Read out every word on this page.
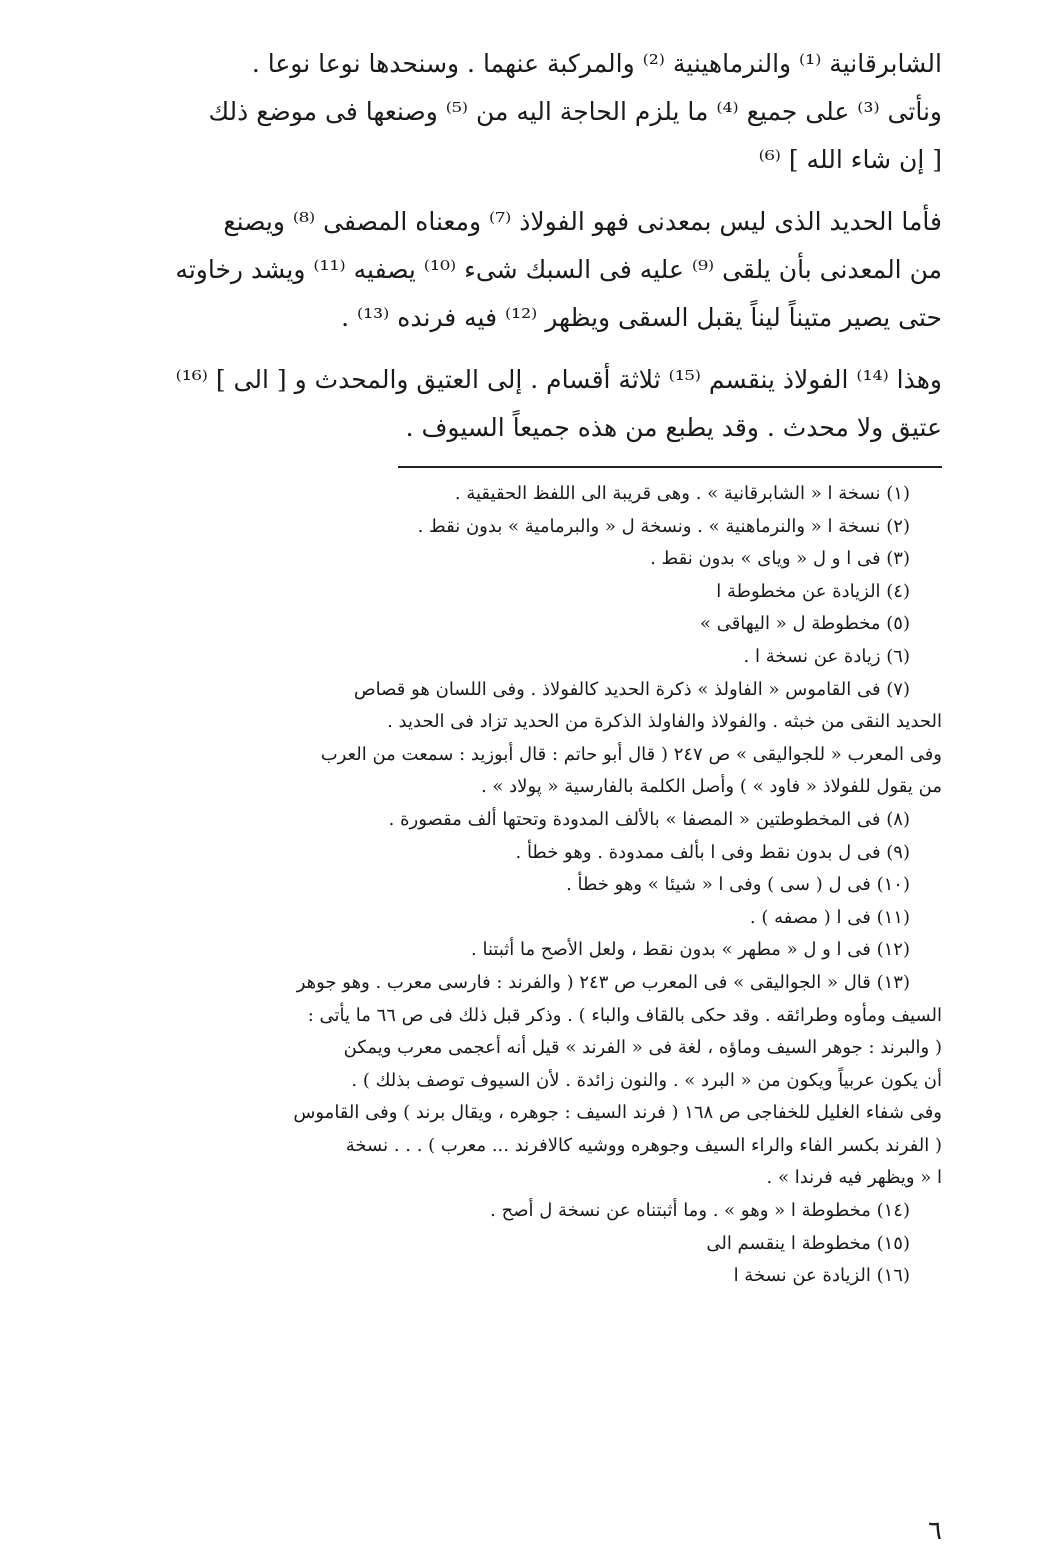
الشابرقانية ⁽¹⁾ والنرماهينية ⁽²⁾ والمركبة عنهما . وسنحدها نوعا نوعا .
ونأتى ⁽³⁾ على جميع ⁽⁴⁾ ما يلزم الحاجة اليه من ⁽⁵⁾ وصنعها فى موضع ذلك
[ إن شاء الله ] ⁽⁶⁾

فأما الحديد الذى ليس بمعدنى فهو الفولاذ ⁽⁷⁾ ومعناه المصفى ⁽⁸⁾ ويصنع
من المعدنى بأن يلقى ⁽⁹⁾ عليه فى السبك شىء ⁽¹⁰⁾ يصفيه ⁽¹¹⁾ ويشد رخاوته
حتى يصير متيناً ليناً يقبل السقى ويظهر ⁽¹²⁾ فيه فرنده ⁽¹³⁾ .

وهذا ⁽¹⁴⁾ الفولاذ ينقسم ⁽¹⁵⁾ ثلاثة أقسام . إلى العتيق والمحدث و [ الى ] ⁽¹⁶⁾
عتيق ولا محدث . وقد يطبع من هذه جميعاً السيوف .

(١) نسخة ا « الشابرقانية » . وهى قريبة الى اللفظ الحقيقية .
(٢) نسخة ا « والنرماهنية » . ونسخة ل « والبرمامية » بدون نقط .
(٣) فى ا و ل « وياى » بدون نقط .
(٤) الزيادة عن مخطوطة ا
(٥) مخطوطة ل « اليهاقى »
(٦) زيادة عن نسخة ا .
(٧) فى القاموس « الفاولذ » ذكرة الحديد كالفولاذ . وفى اللسان هو قصاص
الحديد النقى من خبثه . والفولاذ والفاولذ الذكرة من الحديد تزاد فى الحديد .
وفى المعرب « للجواليقى » ص ٢٤٧ ( قال أبو حاتم : قال أبوزيد : سمعت من العرب
من يقول للفولاذ « فاود » ) وأصل الكلمة بالفارسية « پولاد » .
(٨) فى المخطوطتين « المصفا » بالألف المدودة وتحتها ألف مقصورة .
(٩) فى ل بدون نقط وفى ا بألف ممدودة . وهو خطأ .
(١٠) فى ل ( سى ) وفى ا « شيئا » وهو خطأ .
(١١) فى ا ( مصفه ) .
(١٢) فى ا و ل « مطهر » بدون نقط ، ولعل الأصح ما أثبتنا .
(١٣) قال « الجواليقى » فى المعرب ص ٢٤٣ ( والفرند : فارسى معرب . وهو جوهر
السيف ومأوه وطرائقه . وقد حكى بالقاف والباء ) . وذكر قبل ذلك فى ص ٦٦ ما يأتى :
( والبرند : جوهر السيف وماؤه ، لغة فى « الفرند » قيل أنه أعجمى معرب ويمكن
أن يكون عربياً ويكون من « البرد » . والنون زائدة . لأن السيوف توصف بذلك ) .
وفى شفاء الغليل للخفاجى ص ١٦٨ ( فرند السيف : جوهره ، ويقال برند ) وفى القاموس
( الفرند بكسر الفاء والراء السيف وجوهره ووشيه كالافرند ... معرب ) . . . نسخة
ا « ويظهر فيه فرندا » .
(١٤) مخطوطة ا « وهو » . وما أثبتناه عن نسخة ل أصح .
(١٥) مخطوطة ا ينقسم الى
(١٦) الزيادة عن نسخة ا
٦
